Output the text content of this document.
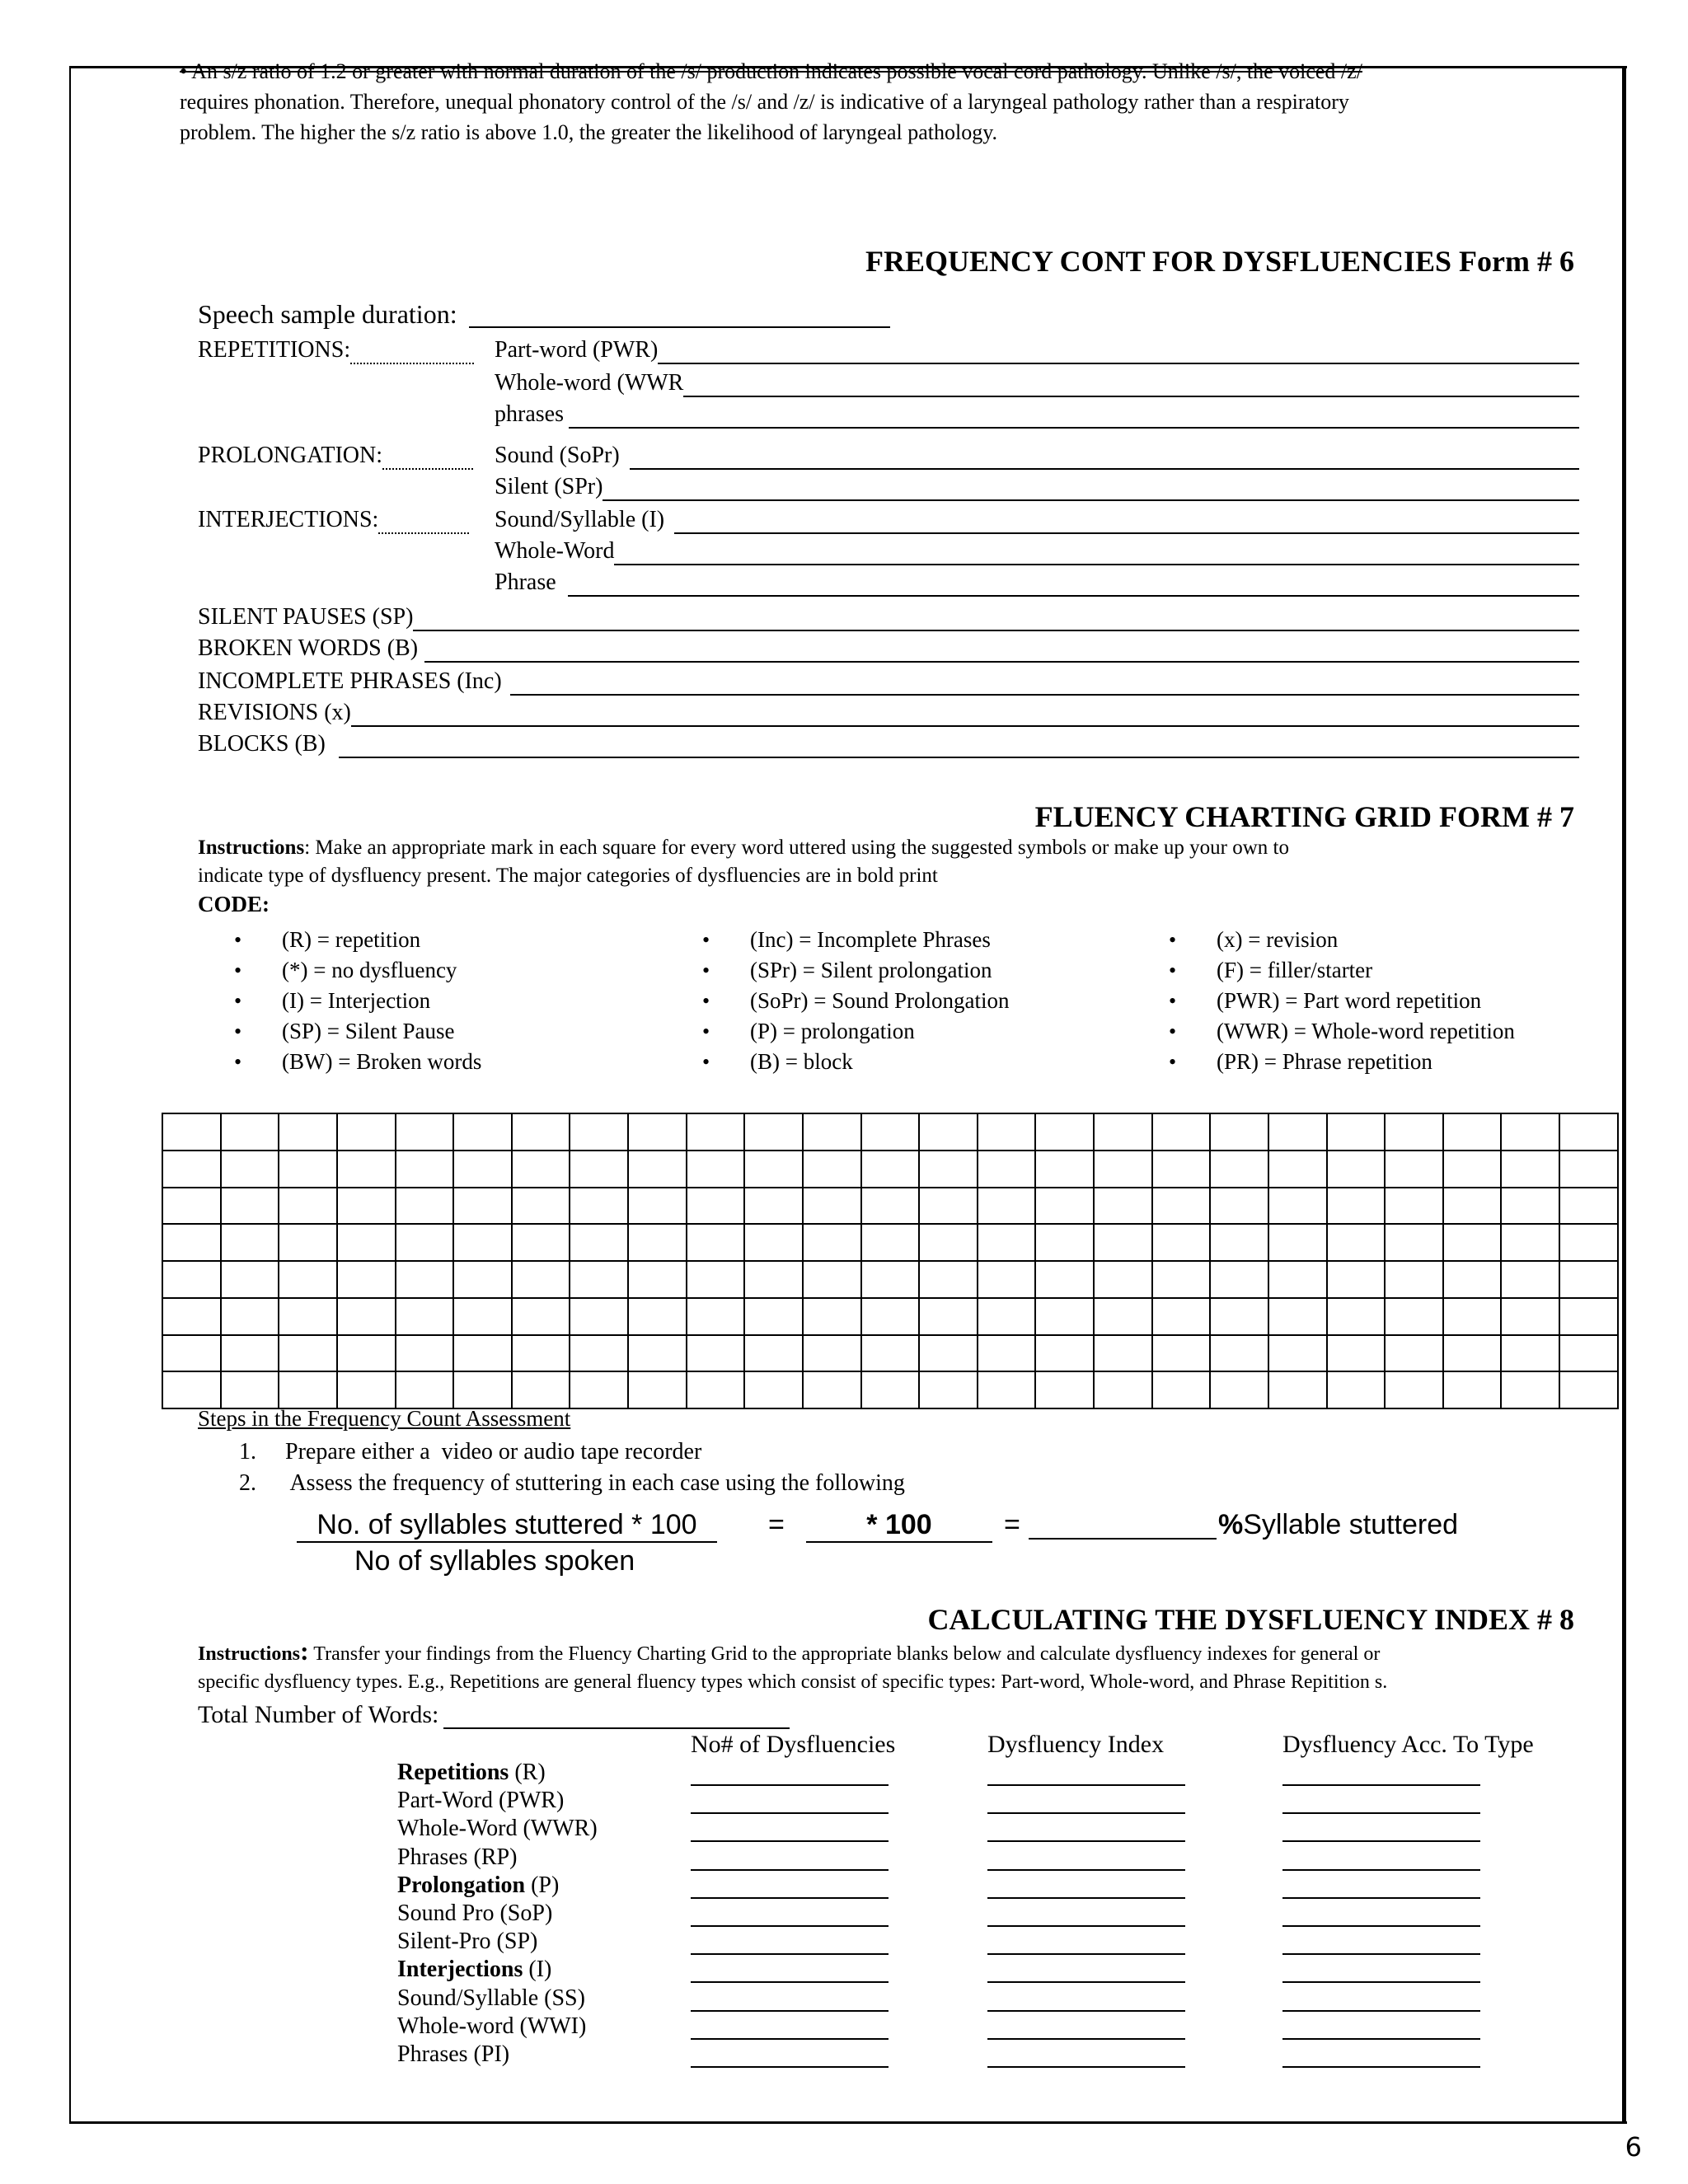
• An s/z ratio of 1.2 or greater with normal duration of the /s/ production indicates possible vocal cord pathology. Unlike /s/, the voiced /z/

requires phonation. Therefore, unequal phonatory control of the /s/ and /z/ is indicative of a laryngeal pathology rather than a respiratory

problem. The higher the s/z ratio is above 1.0, the greater the likelihood of laryngeal pathology.

FREQUENCY CONT FOR DYSFLUENCIES Form # 6
Speech sample duration:
REPETITIONS:	Part-word (PWR)
Whole-word (WWR
phrases
PROLONGATION:	Sound (SoPr)
Silent (SPr)
INTERJECTIONS:	Sound/Syllable (I)
Whole-Word
Phrase
SILENT PAUSES (SP)
BROKEN WORDS (B)
INCOMPLETE PHRASES (Inc)
REVISIONS (x)
BLOCKS (B)
FLUENCY CHARTING GRID FORM # 7
Instructions: Make an appropriate mark in each square for every word uttered using the suggested symbols or make up your own to
indicate type of dysfluency present. The major categories of dysfluencies are in bold print
CODE:
• (R) = repetition
• (*) = no dysfluency
• (I) = Interjection
• (SP) = Silent Pause
• (BW) = Broken words
• (Inc) = Incomplete Phrases
• (SPr) = Silent prolongation
• (SoPr) = Sound Prolongation
• (P) = prolongation
• (B) = block
• (x) = revision
• (F) = filler/starter
• (PWR) = Part word repetition
• (WWR) = Whole-word repetition
• (PR) = Phrase repetition

Steps in the Frequency Count Assessment
1.     Prepare either a  video or audio tape recorder
2.      Assess the frequency of stuttering in each case using the following
No. of syllables stuttered * 100	=	* 100	=	%Syllable stuttered
No of syllables spoken
CALCULATING THE DYSFLUENCY INDEX # 8
Instructions: Transfer your findings from the Fluency Charting Grid to the appropriate blanks below and calculate dysfluency indexes for general or
specific dysfluency types. E.g., Repetitions are general fluency types which consist of specific types: Part-word, Whole-word, and Phrase Repitition s.
Total Number of Words:
No# of Dysfluencies	Dysfluency Index	Dysfluency Acc. To Type
Repetitions (R)
Part-Word (PWR)
Whole-Word (WWR)
Phrases (RP)
Prolongation (P)
Sound Pro (SoP)
Silent-Pro (SP)
Interjections (I)
Sound/Syllable (SS)
Whole-word (WWI)
Phrases (PI)
6
